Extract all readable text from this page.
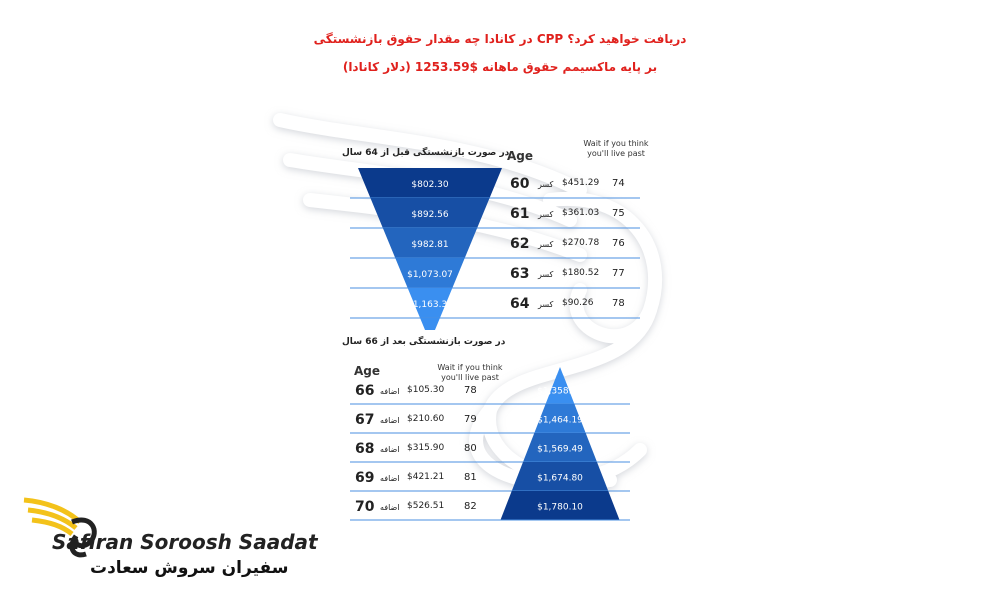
در کانادا چه مقدار حقوق بازنشستگی CPP دریافت خواهید کرد؟
بر پایه ماکسیمم حقوق ماهانه $1253.59 (دلار کانادا)
در صورت بازنشستگی قبل از 64 سال
Age
Wait if you think
you'll live past
$802.30
$892.56
$982.81
$1,073.07
$1,163.33
60 کسر $451.29 74
61 کسر $361.03 75
62 کسر $270.78 76
63 کسر $180.52 77
64 کسر $90.26 78
در صورت بازنشستگی بعد از 66 سال
Age	Wait if you think
you'll live past
$1,358.89
$1,464.19
$1,569.49
$1,674.80
$1,780.10
66 اضافه $105.30 78
67 اضافه $210.60 79
68 اضافه $315.90 80
69 اضافه $421.21 81
70 اضافه $526.51 82
Safiran Soroosh Saadat
سفیران سروش سعادت
